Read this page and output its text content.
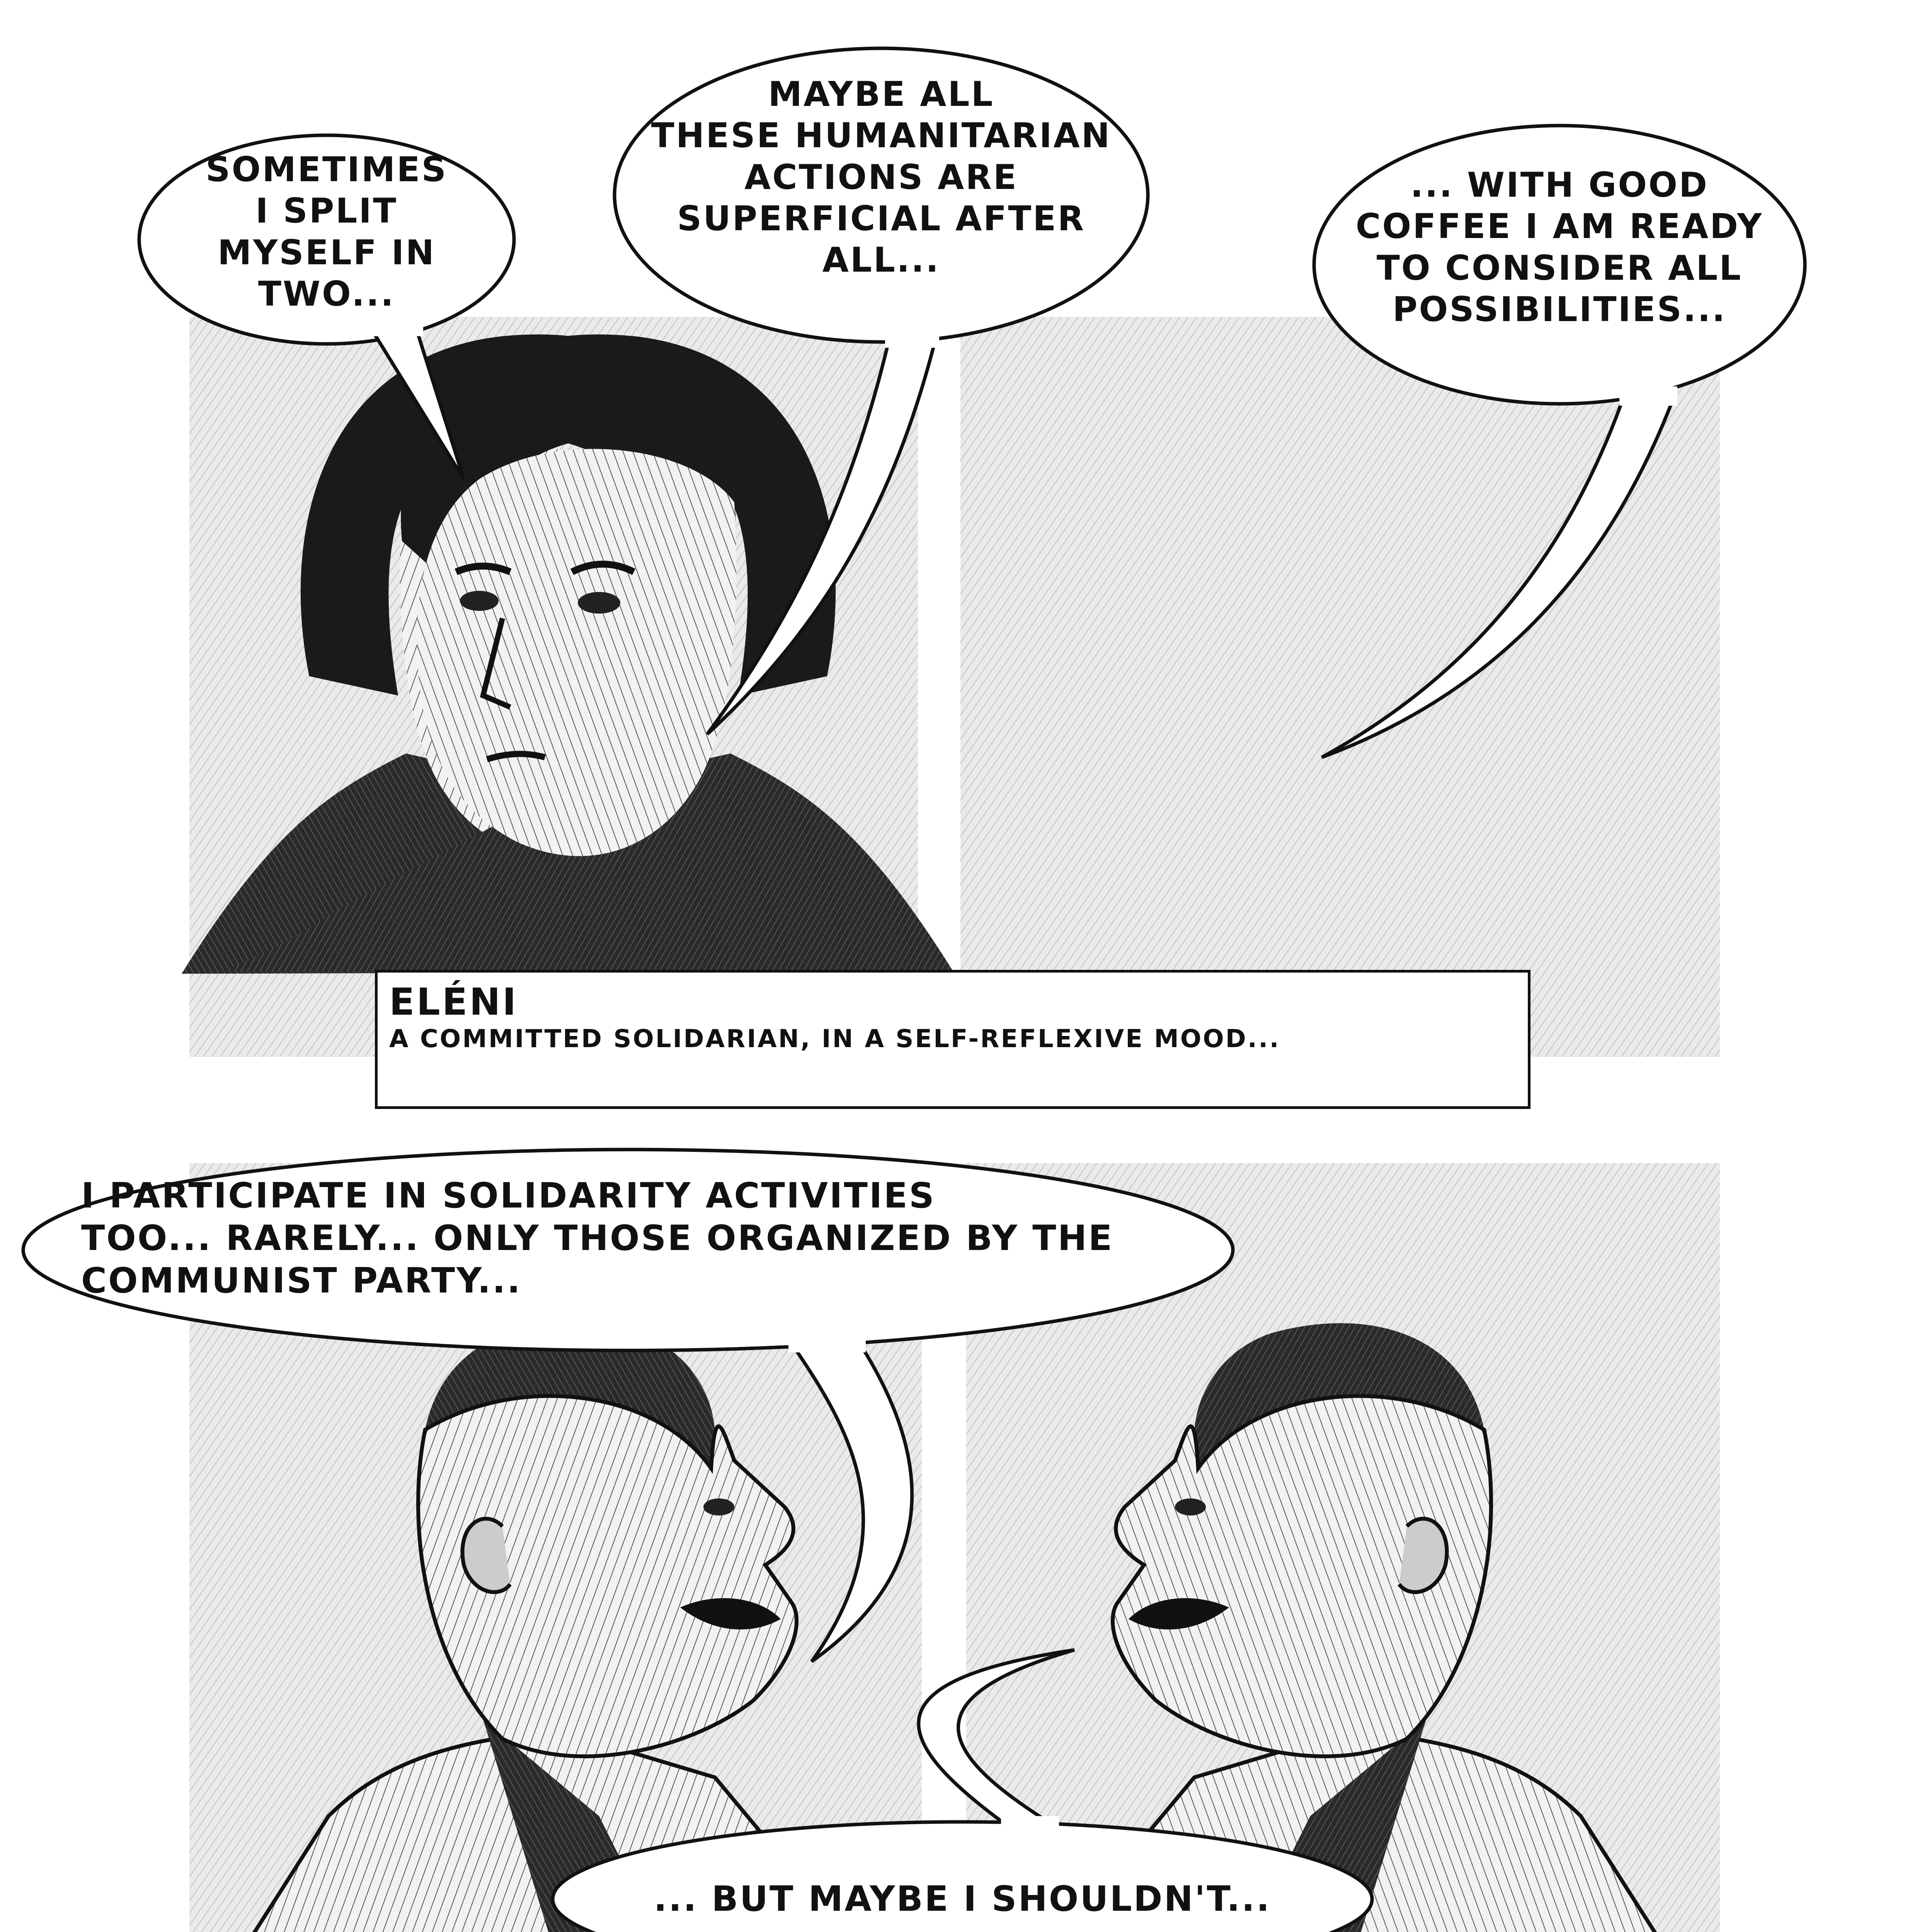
SOMETIMES
I SPLIT
MYSELF IN
TWO...
MAYBE ALL
THESE HUMANITARIAN
ACTIONS ARE
SUPERFICIAL AFTER
ALL...
... WITH GOOD
COFFEE I AM READY
TO CONSIDER ALL
POSSIBILITIES...

ELÉNI

A COMMITTED SOLIDARIAN, IN A SELF-REFLEXIVE MOOD...

I PARTICIPATE IN SOLIDARITY ACTIVITIES
TOO... RARELY... ONLY THOSE ORGANIZED BY THE
COMMUNIST PARTY...
... BUT MAYBE I SHOULDN'T...
